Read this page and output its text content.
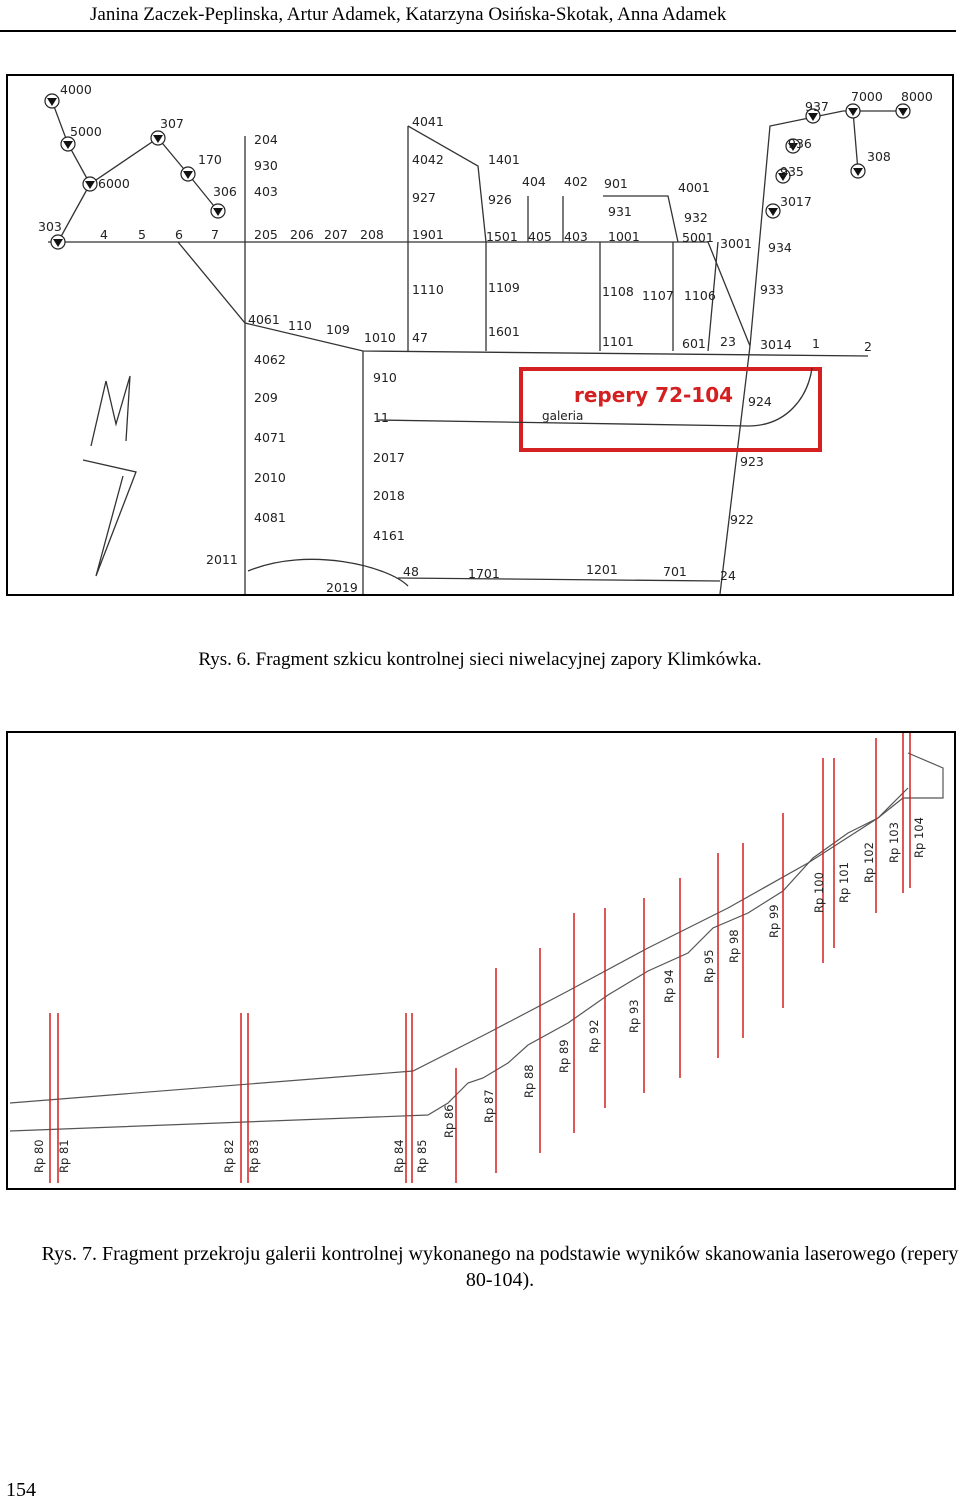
Janina Zaczek-Peplinska, Artur Adamek, Katarzyna Osińska-Skotak, Anna Adamek
4000
5000
6000
307
170
306
303
7000 8000
937
308
936
935
3017
4 5 6 7
204
930
403
205 206 207 208
4041
4042
927
1901
1401
926
404 402 901
931
1501 405 403 1001
4001
932
5001 3001 934
933
1110	1109	1108 1107 1106
4061 110 109
1010 47	1601
1101	601 23 3014 1	2
4062
209
4071
2010
4081
2011
910
11
2017
2018
4161
924
923
922
2019
48	1701	1201	701	24
repery 72-104
galeria
Rys. 6. Fragment szkicu kontrolnej sieci niwelacyjnej zapory Klimkówka.
Rp 80 Rp 81	Rp 82 Rp 83	Rp 84 Rp 85
Rp 86 Rp 87
Rp 88
Rp 89
Rp 92
Rp 93
Rp 94
Rp 95
Rp 98
Rp 99
Rp 100 Rp 101 Rp 102 Rp 103 Rp 104
Rys. 7. Fragment przekroju galerii kontrolnej wykonanego na podstawie wyników skanowania laserowego (repery 80-104).
154
